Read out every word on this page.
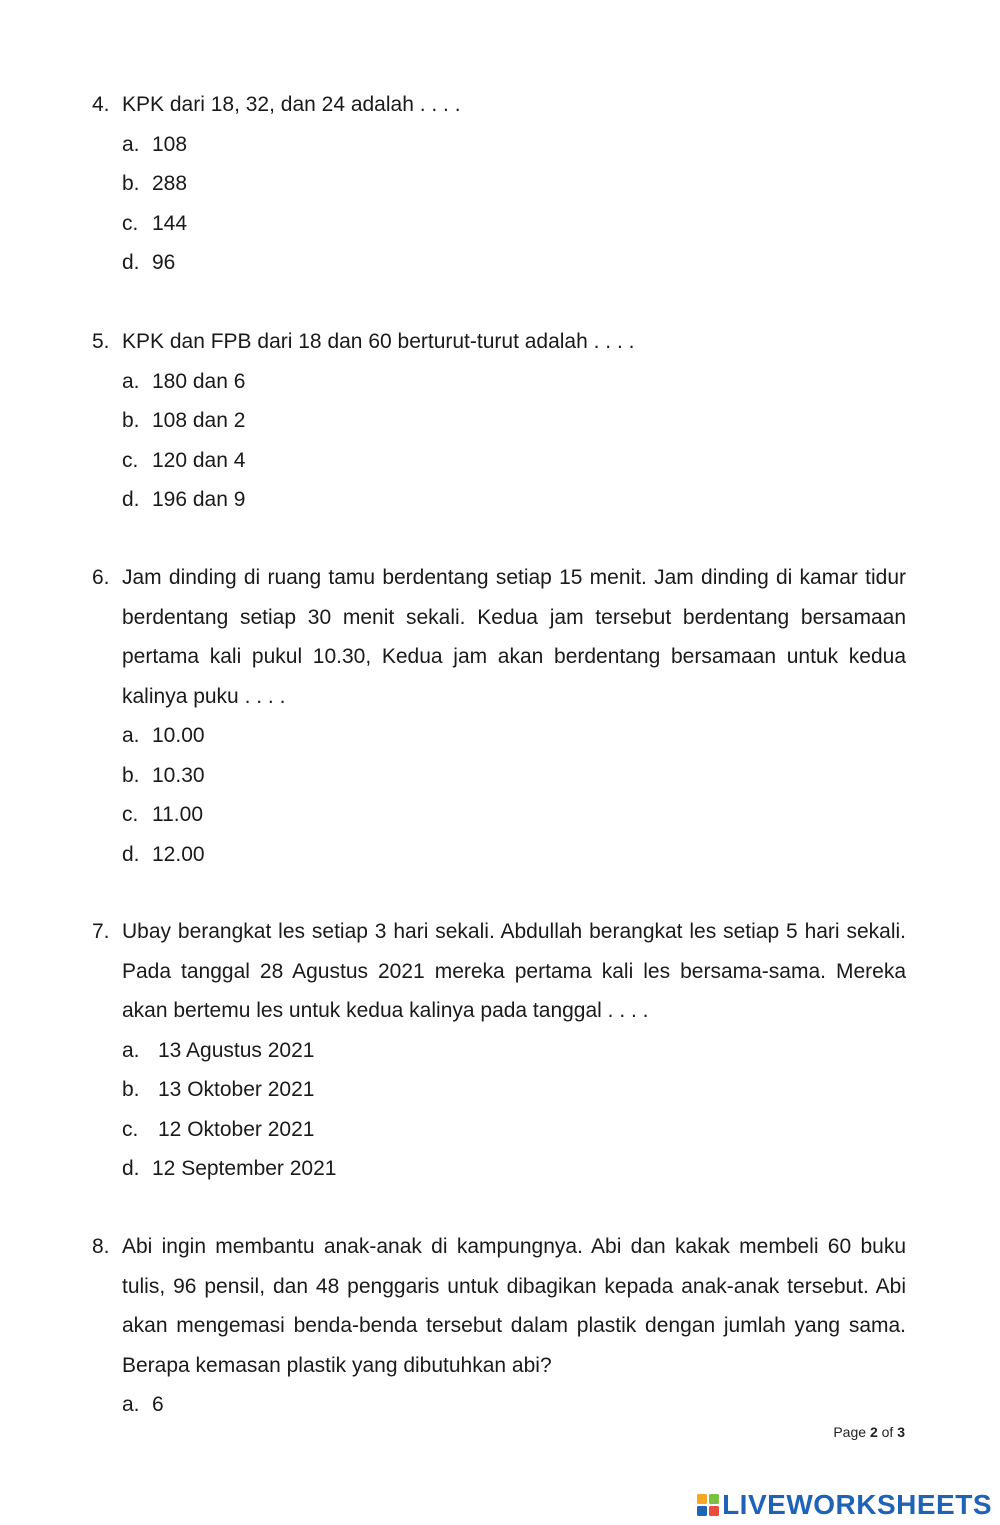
4. KPK dari 18, 32, dan 24 adalah . . . .
a. 108
b. 288
c. 144
d. 96
5. KPK dan FPB dari 18 dan 60 berturut-turut adalah . . . .
a. 180 dan 6
b. 108 dan 2
c. 120 dan 4
d. 196 dan 9
6. Jam dinding di ruang tamu berdentang setiap 15 menit. Jam dinding di kamar tidur berdentang setiap 30 menit sekali. Kedua jam tersebut berdentang bersamaan pertama kali pukul 10.30, Kedua jam akan berdentang bersamaan untuk kedua kalinya puku . . . .
a. 10.00
b. 10.30
c. 11.00
d. 12.00
7. Ubay berangkat les setiap 3 hari sekali. Abdullah berangkat les setiap 5 hari sekali. Pada tanggal 28 Agustus 2021 mereka pertama kali les bersama-sama. Mereka akan bertemu les untuk kedua kalinya pada tanggal . . . .
a. 13 Agustus 2021
b. 13 Oktober 2021
c. 12 Oktober 2021
d. 12 September 2021
8. Abi ingin membantu anak-anak di kampungnya. Abi dan kakak membeli 60 buku tulis, 96 pensil, dan 48 penggaris untuk dibagikan kepada anak-anak tersebut. Abi akan mengemasi benda-benda tersebut dalam plastik dengan jumlah yang sama. Berapa kemasan plastik yang dibutuhkan abi?
a. 6
Page 2 of 3
LIVEWORKSHEETS
